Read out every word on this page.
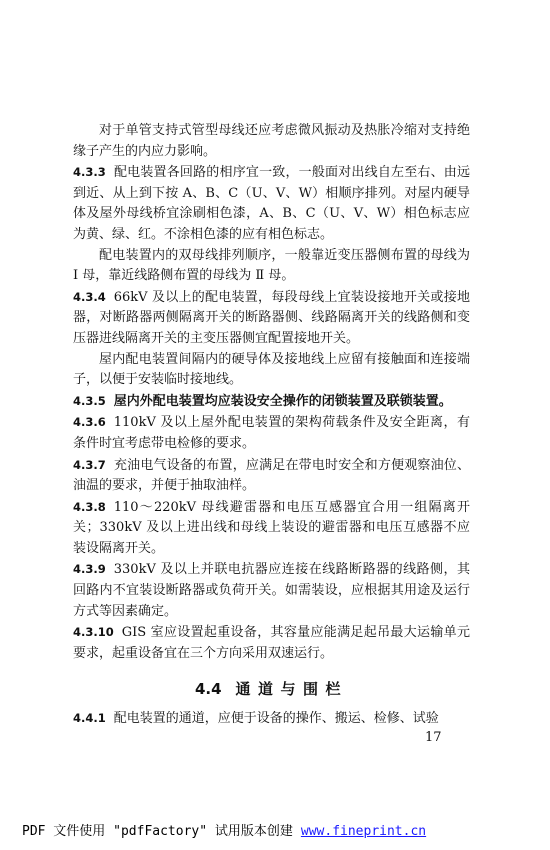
对于单管支持式管型母线还应考虑微风振动及热胀冷缩对支持绝缘子产生的内应力影响。

4.3.3 配电装置各回路的相序宜一致，一般面对出线自左至右、由远到近、从上到下按 A、B、C（U、V、W）相顺序排列。对屋内硬导体及屋外母线桥宜涂刷相色漆，A、B、C（U、V、W）相色标志应为黄、绿、红。不涂相色漆的应有相色标志。

配电装置内的双母线排列顺序，一般靠近变压器侧布置的母线为 Ⅰ 母，靠近线路侧布置的母线为 Ⅱ 母。

4.3.4 66kV 及以上的配电装置，每段母线上宜装设接地开关或接地器，对断路器两侧隔离开关的断路器侧、线路隔离开关的线路侧和变压器进线隔离开关的主变压器侧宜配置接地开关。

屋内配电装置间隔内的硬导体及接地线上应留有接触面和连接端子，以便于安装临时接地线。

4.3.5 屋内外配电装置均应装设安全操作的闭锁装置及联锁装置。

4.3.6 110kV 及以上屋外配电装置的架构荷载条件及安全距离，有条件时宜考虑带电检修的要求。

4.3.7 充油电气设备的布置，应满足在带电时安全和方便观察油位、油温的要求，并便于抽取油样。

4.3.8 110～220kV 母线避雷器和电压互感器宜合用一组隔离开关；330kV 及以上进出线和母线上装设的避雷器和电压互感器不应装设隔离开关。

4.3.9 330kV 及以上并联电抗器应连接在线路断路器的线路侧，其回路内不宜装设断路器或负荷开关。如需装设，应根据其用途及运行方式等因素确定。

4.3.10 GIS 室应设置起重设备，其容量应能满足起吊最大运输单元要求，起重设备宜在三个方向采用双速运行。

4.4 通道与围栏

4.4.1 配电装置的通道，应便于设备的操作、搬运、检修、试验

17
PDF 文件使用 "pdfFactory" 试用版本创建 www.fineprint.cn
